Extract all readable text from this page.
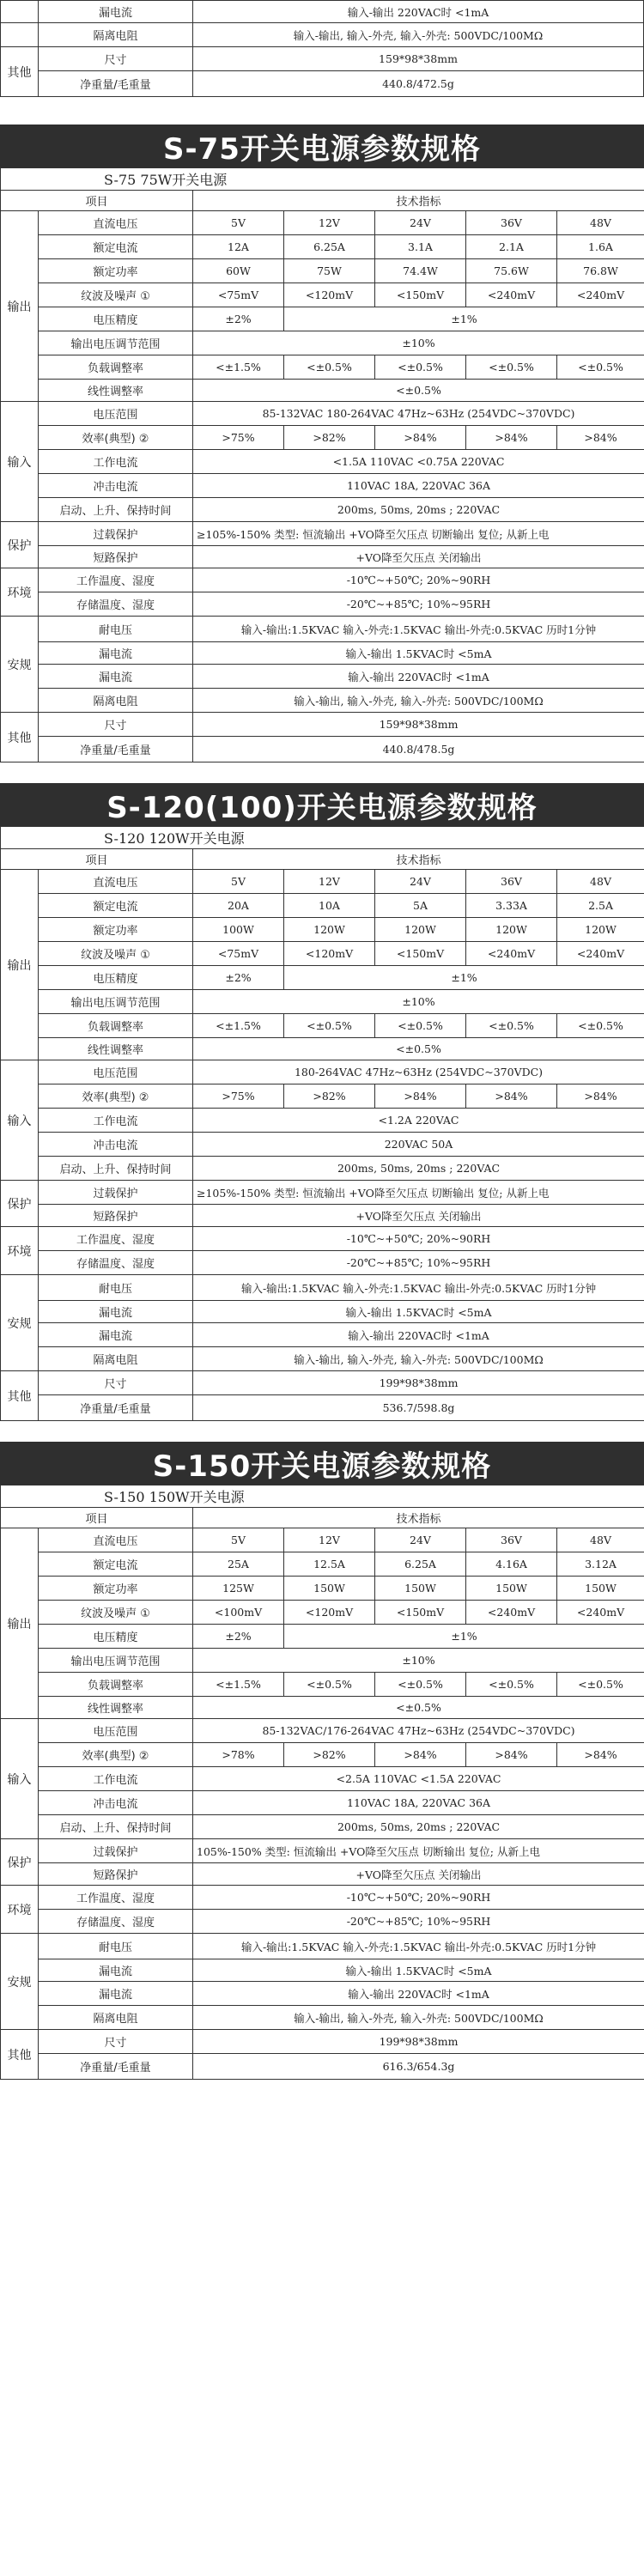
	漏电流	输入-输出 220VAC时 <1mA
	隔离电阻	输入-输出, 输入-外壳, 输入-外壳: 500VDC/100MΩ
其他	尺寸	159*98*38mm
	净重量/毛重量	440.8/472.5g
S-75开关电源参数规格
S-75 75W开关电源						
项目		技术指标				
输出	直流电压	5V	12V	24V	36V	48V
	额定电流	12A	6.25A	3.1A	2.1A	1.6A
	额定功率	60W	75W	74.4W	75.6W	76.8W
	纹波及噪声 ①	<75mV	<120mV	<150mV	<240mV	<240mV
	电压精度	±2%	±1%			
	输出电压调节范围	±10%				
	负载调整率	<±1.5%	<±0.5%	<±0.5%	<±0.5%	<±0.5%
	线性调整率	<±0.5%				
输入	电压范围	85-132VAC 180-264VAC 47Hz~63Hz (254VDC~370VDC)				
	效率(典型) ②	>75%	>82%	>84%	>84%	>84%
	工作电流	<1.5A 110VAC <0.75A 220VAC				
	冲击电流	110VAC 18A, 220VAC 36A				
	启动、上升、保持时间	200ms, 50ms, 20ms ; 220VAC				
保护	过载保护	≥105%-150% 类型: 恒流输出 +VO降至欠压点 切断输出 复位; 从新上电				
	短路保护	+VO降至欠压点 关闭输出				
环境	工作温度、湿度	-10℃~+50℃; 20%~90RH				
	存储温度、湿度	-20℃~+85℃; 10%~95RH				
安规	耐电压	输入-输出:1.5KVAC 输入-外壳:1.5KVAC 输出-外壳:0.5KVAC 历时1分钟				
	漏电流	输入-输出 1.5KVAC时 <5mA				
	漏电流	输入-输出 220VAC时 <1mA				
	隔离电阻	输入-输出, 输入-外壳, 输入-外壳: 500VDC/100MΩ				
其他	尺寸	159*98*38mm				
	净重量/毛重量	440.8/478.5g				
S-120(100)开关电源参数规格
S-120 120W开关电源						
项目		技术指标				
输出	直流电压	5V	12V	24V	36V	48V
	额定电流	20A	10A	5A	3.33A	2.5A
	额定功率	100W	120W	120W	120W	120W
	纹波及噪声 ①	<75mV	<120mV	<150mV	<240mV	<240mV
	电压精度	±2%	±1%			
	输出电压调节范围	±10%				
	负载调整率	<±1.5%	<±0.5%	<±0.5%	<±0.5%	<±0.5%
	线性调整率	<±0.5%				
输入	电压范围	180-264VAC 47Hz~63Hz (254VDC~370VDC)				
	效率(典型) ②	>75%	>82%	>84%	>84%	>84%
	工作电流	<1.2A 220VAC				
	冲击电流	220VAC 50A				
	启动、上升、保持时间	200ms, 50ms, 20ms ; 220VAC				
保护	过载保护	≥105%-150% 类型: 恒流输出 +VO降至欠压点 切断输出 复位; 从新上电				
	短路保护	+VO降至欠压点 关闭输出				
环境	工作温度、湿度	-10℃~+50℃; 20%~90RH				
	存储温度、湿度	-20℃~+85℃; 10%~95RH				
安规	耐电压	输入-输出:1.5KVAC 输入-外壳:1.5KVAC 输出-外壳:0.5KVAC 历时1分钟				
	漏电流	输入-输出 1.5KVAC时 <5mA				
	漏电流	输入-输出 220VAC时 <1mA				
	隔离电阻	输入-输出, 输入-外壳, 输入-外壳: 500VDC/100MΩ				
其他	尺寸	199*98*38mm				
	净重量/毛重量	536.7/598.8g				
S-150开关电源参数规格
S-150 150W开关电源						
项目		技术指标				
输出	直流电压	5V	12V	24V	36V	48V
	额定电流	25A	12.5A	6.25A	4.16A	3.12A
	额定功率	125W	150W	150W	150W	150W
	纹波及噪声 ①	<100mV	<120mV	<150mV	<240mV	<240mV
	电压精度	±2%	±1%			
	输出电压调节范围	±10%				
	负载调整率	<±1.5%	<±0.5%	<±0.5%	<±0.5%	<±0.5%
	线性调整率	<±0.5%				
输入	电压范围	85-132VAC/176-264VAC 47Hz~63Hz (254VDC~370VDC)				
	效率(典型) ②	>78%	>82%	>84%	>84%	>84%
	工作电流	<2.5A 110VAC <1.5A 220VAC				
	冲击电流	110VAC 18A, 220VAC 36A				
	启动、上升、保持时间	200ms, 50ms, 20ms ; 220VAC				
保护	过载保护	105%-150% 类型: 恒流输出 +VO降至欠压点 切断输出 复位; 从新上电				
	短路保护	+VO降至欠压点 关闭输出				
环境	工作温度、湿度	-10℃~+50℃; 20%~90RH				
	存储温度、湿度	-20℃~+85℃; 10%~95RH				
安规	耐电压	输入-输出:1.5KVAC 输入-外壳:1.5KVAC 输出-外壳:0.5KVAC 历时1分钟				
	漏电流	输入-输出 1.5KVAC时 <5mA				
	漏电流	输入-输出 220VAC时 <1mA				
	隔离电阻	输入-输出, 输入-外壳, 输入-外壳: 500VDC/100MΩ				
其他	尺寸	199*98*38mm				
	净重量/毛重量	616.3/654.3g				
